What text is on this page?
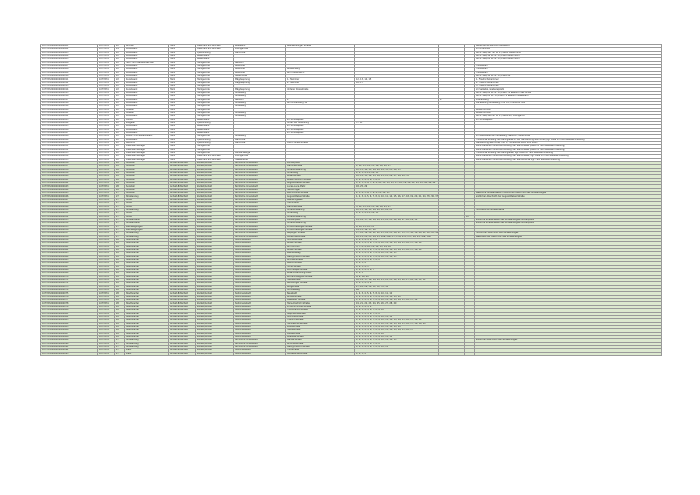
1073532000000000001	1073531	22	Brücke	Harz	Oberharz am Brocken	Rübeland	Blankenburger Straße				Leiterfläche Bahnhof Rübeland
1073532000000000002	1073531	24	Kunstwerk	Harz	Oberharz am Brocken	Elbingerode					im Ortsmitte
1073532000000000003	1073531	22	Kunstwerk	Harz	Quedlinburg	Gernrode					Alt R. 462/167 St. N. 17/1926 Ostermünd
1073532000000000004	1073531	22	Kunstwerk	Harz	Ballenstedt						Alt R. 462/16 St. N. 17/1926 Ostermünd
1073532000000000005	1073531	22	Kunstwerk	Harz	Ballenstedt						Alt R. 462/20 St. N. 17/1926 Ostermünd
1073532000000000006	1073531	22	Tech. und Gedenkzeichen	Harz	Harzgerode	Neudorf					
1073532000000000007	1073531	22	Kunstwerk	Harz	Harzgerode	Alberode					Flurstellen
1073532000000000008	1073531	22	Kunstwerk	Harz	Harzgerode	Alberode	Breitenberg				Flurstellen
1073532000000000009	1073531	22	Kunstwerk	Harz	Harzgerode	Alberode	Am Hüttenteich				Flurstellen
1073532000000000010	1073531	22	Kunstwerk	Harz	Harzgerode	Silberhütte					Alt R. 462/10 St. N. 17/1926-14
1073532000000000011	1073531	22	Kunstwerk	Harz	Harzgerode	Mägdesprung	1. Hammer	12, 13, 14, 15			1. Friedrichshammer
1073532000000000012	1073531	22	Kunstwerk	Harz	Harzgerode	Mägdesprung	2. Hammer	16, 17			2. Friedrichshammer
1073532000000000013	1073531	22	Kunstwerk	Harz	Harzgerode						3. Friedrichshammer
1073532000000000014	1073531	22	Kunstwerk	Harz	Harzgerode	Mägdesprung	Unterer Kreisstraße				im Selketal, Gießereiplatz
1073532000000000015	1073531	22	Kunstwerk	Harz	Harzgerode	Straßberg					Alt R. 462/20 St. N. 17/1926 TS westlich des Ortes
1073532000000000016	1073531	22	Kunstwerk	Harz	Harzgerode	Straßberg					Alt R. 462/20 St. 17/1926 TS westlich Glasebach
1073532000000000017	1073531	22	Kunstwerk	Harz	Harzgerode	Neudorf	4		4		Pfaffenberg
1073532000000000018	1073531	22	Kunstwerk	Harz	Harzgerode	Straßberg	Am Lindenberg 10				Verwaltung Straßberg, Flur 12, Flurstück 381
1073532000000000019	1073531	22	Kunstwerk	Harz	Harzgerode	Straßberg					
1073532000000000020	1073531	22	Graben	Harz	Harzgerode						Röderhochtal
1073532000000000021	1073531	22	Graben	Harz	Harzgerode	Straßberg					Röderhochtal
1073532000000000022	1073531	22	Kunstwerk	Harz	Harzgerode	Straßberg					Alt R. 462/106 St. N. 17/1926-01, Elbingerod
1073532000000000023	1073531	22	Mühle	Harz	Ballenstedt		Im Schlosspark				im Schlosspark
1073532000000000024	1073531	22	Ziegelei	Harz	Quedlinburg		Unter der Altenburg	5 - 11			
1073532000000000025	1073531	22	Kunstwerk	Harz	Ballenstedt		Im Schlosspark				
1073532000000000026	1073531	22	Kunstwerk	Harz	Ballenstedt		Im Schlosspark				
1073532000000000027	1073531	22	Kunstwerk	Harz	Ballenstedt		Im Schlosspark				
1073532000000000028	1073531	22	Kreuz- und Gedenkstein	Harz	Harzgerode	Straßberg					im Waldhauschen Straßberg, Neudorf, Alberhütte
1073532000000000029	1073531	22	Kunstwerk	Harz	Quedlinburg	Gernrode					Flurstücke entlang der Bahngleise in der Gemarkung Gernrode (vgl. Liste im Feld Baubeschreibung
1073532000000000030	1073531	22	Bahnhof	Harz	Quedlinburg	Gernrode	Otto-Franke-Straße				Gemarkung Gernrode, Flur 3, Flurstücke 2003 und 2063
1073532000000000031	1073531	22	Eisenbahnanlage	Harz	Harzgerode						verschiedene Flurstücke entlang der Bahntrasse (Liste im Feld Baubeschreibung)
1073532000000000032	1073531	22	Eisenbahnanlage	Harz	Harzgerode						verschiedene Flurstücke entlang der Bahntrasse (Liste im Feld Baubeschreibung)
1073532000000000033	1073531	22	Eisenbahnanlage	Harz	Harzgerode	Güntersberge					Flurstücke entlang der Bahngleise, vgl. Liste im Feld Baubeschreibung
1073532000000000034	1073531	22	Eisenbahnanlage	Harz	Oberharz am Brocken	Elbingerode					verschiedene Flurstücke entlang der Bahntrasse, vgl. Liste im Feld Baubeschreibung
1073532000000000035	1073531	22	Eisenbahnanlage	Harz	Oberharz am Brocken	Hasselfelde					verschiedene Flurstücke entlang der Bahnstrecke vgl. Feld Baubeschreibung
1073532000000000036	1073531	28	Sonstall	Anhalt-Bitterfeld	Zerbst/Anhalt	Nordliche Innenstadt	Lucherplatz				
1073532000000000037	1073531	28	Sonstall	Anhalt-Bitterfeld	Zerbst/Anhalt	Nordliche Innenstadt	Martinsstraße	1, 12, 13, 14, 15, 16, 18, 20, 27			
1073532000000000038	1073531	28	Sonstall	Anhalt-Bitterfeld	Zerbst/Anhalt	Nordliche Innenstadt	Unterstraßenring	12, 13, 14, 15, 19, 20, 24, 35, 25, 29, 35			
1073532000000000039	1073531	28	Sonstall	Anhalt-Bitterfeld	Zerbst/Anhalt	Nordliche Innenstadt	Unterberg	1, 2, 3, 4, 11, 12, 13			
1073532000000000040	1073531	28	Sonstall	Anhalt-Bitterfeld	Zerbst/Anhalt	Nordliche Innenstadt	Rosenstraße	10, 12, 13, 14, 15, 16, 21, 25, 26, 27, 28, 29, 33			
1073532000000000041	1073531	28	Sonstall	Anhalt-Bitterfeld	Zerbst/Anhalt	Nordliche Innenstadt	Robert-Rudloff-Straße	1, 2, 3, 4, 5, 6, 7, 8, 9			
1073532000000000042	1073531	28	Sonstall	Anhalt-Bitterfeld	Zerbst/Anhalt	Nordliche Innenstadt	August-Bebel-Straße	1, 2, 3, 4, 6, 7, 8, 9, 10, 11, 13, 15, 17, 18, 19, 20, 21, 43, 45, 46, 48, 49			
1073532000000000043	1073531	28	Sonstall	Anhalt-Bitterfeld	Zerbst/Anhalt	Nordliche Innenstadt	Lucas-Luca-Platz	18, 25, 29			
1073532000000000044	1073531	28	Sonstall	Anhalt-Bitterfeld	Zerbst/Anhalt	Nordliche Innenstadt	Fabrikhügel				
1073532000000000045	1073531	27	Sonstall	Anhalt-Bitterfeld	Zerbst/Anhalt	Nordliche Innenstadt	Karl-Lindner-Straße	2, 3, 4, 5, 6, 7, 8, 9, 11, 12, 13			westliche Straßenseite in südlichen Abschnitt des Straßenzuges
1073532000000000046	1073531	27	Straßenzug	Anhalt-Bitterfeld	Zerbst/Anhalt	Nordliche Innenstadt	August-Bebel-Straße	1, 2, 3, 4, 5, 6, 7, 8, 9, 10, 11, 14, 15, 16, 17, 18, 19, 20, 21, 24, 35, 36, 37			südlicher Abschnitt der August-Bebel-Straße
1073532000000000047	1073531	27	Sonst	Anhalt-Bitterfeld	Zerbst/Anhalt	Nordliche Innenstadt	Aasfischgasse				
1073532000000000048	1073531	27	Sonst	Anhalt-Bitterfeld	Zerbst/Anhalt	Nordliche Innenstadt	Fischmarkt				
1073532000000000049	1073531	27	Sonst	Anhalt-Bitterfeld	Zerbst/Anhalt	Nordliche Innenstadt	Martinsstraße	5, 12, 13, 14, 15, 16, 18, 25, 27			
1073532000000000050	1073531	27	Straßenzug	Anhalt-Bitterfeld	Zerbst/Anhalt	Nordliche Innenstadt	Unterstraßering	12, 13, 14, 15, 19, 20, 22, 24, 25			nordöstliche Straßenseite
1073532000000000051	1073531	27	Sonst	Anhalt-Bitterfeld	Zerbst/Anhalt	Nordliche Innenstadt	Unterberg	1, 2, 3, 4, 11, 12, 13			
1073532000000000052	1073531	27	Sonst	Anhalt-Bitterfeld	Zerbst/Anhalt	Nordliche Innenstadt	Unterstraßenring			12	
1073532000000000053	1073531	27	Straßenzeile	Anhalt-Bitterfeld	Zerbst/Anhalt	Nordliche Innenstadt	Mühlenplatz	14, 16, 17, 18, 19, 20, 21, 22, 23, 24, 26, 27, 28, 29, 30			südliche Straßenseite des Straßenzuges Mühlenplatz
1073532000000000054	1073531	27	Straßenzeile	Anhalt-Bitterfeld	Zerbst/Anhalt	Nordliche Innenstadt	Unterstraßenring				südliche Straßenseite des Straßenzuges Mühlenplatz
1073532000000000055	1073531	27	Kleinsiegungen	Anhalt-Bitterfeld	Zerbst/Anhalt	Nordliche Innenstadt	Ernst-Kreisinger-Straße	9, 10, 11, 12, 13			
1073532000000000056	1073531	27	Kleinsiegungen	Anhalt-Bitterfeld	Zerbst/Anhalt	Nordliche Innenstadt	Ernst-Kreisinger-Straße	14, 15, 16, 17, 18			
1073532000000000057	1073531	27	Straßenzug	Anhalt-Bitterfeld	Zerbst/Anhalt	Nordliche Innenstadt	Leipziger Straße	17, 18, 19, 20, 21, 22, 23, 24, 25, 26, 27, 35, 37, 38, 39, 40, 41, 42, 43, 44, 45, 46			nördlicher Abschnitt des Straßenzuges
1073532000000000058	1073531	27	Straßenzug	Anhalt-Bitterfeld	Zerbst/Anhalt	Nordliche Innenstadt	Große Gerstraße	20, 21, 22, 23, 24, 25, 26a, 26b, 27, 27a, 27b, 27c, 28, 29, 30a, 30b			westöstlicher Abschnitt des Straßenzuges
1073532000000000059	1073531	28	Stadtviertel	Anhalt-Bitterfeld	Zerbst/Anhalt	Südinnenstadt	Sonnenstraße	1, 2, 3, 4, 5, 6, 7, 8			
1073532000000000060	1073531	28	Stadtviertel	Anhalt-Bitterfeld	Zerbst/Anhalt	Südinnenstadt	Breite Straße	1, 2, 3, 4, 5, 6, 7, 8, 9, 10, 11, 12, 13, 14, 15, 16, 17, 18, 19			
1073532000000000061	1073531	28	Stadtviertel	Anhalt-Bitterfeld	Zerbst/Anhalt	Südinnenstadt	Am Kirchtor	5, 7, 8, 9, 10, 11, 12, 13, 14, 16			
1073532000000000062	1073531	28	Stadtviertel	Anhalt-Bitterfeld	Zerbst/Anhalt	Südinnenstadt	Breite Straße	1, 2, 3, 4, 5, 6, 7, 8, 9, 10, 11, 12, 13, 14, 15, 16, 17, 18, 19			
1073532000000000063	1073531	28	Stadtviertel	Anhalt-Bitterfeld	Zerbst/Anhalt	Südinnenstadt	Rathausweg	1, 2, 3, 4, 5, 6, 7, 8, 9, 10, 11, 12, 13			
1073532000000000064	1073531	28	Stadtviertel	Anhalt-Bitterfeld	Zerbst/Anhalt	Südinnenstadt	Georg-Cantor-Straße	1, 2, 3, 4, 5, 6, 7, 8, 9, 10, 11, 12, 13			
1073532000000000065	1073531	28	Stadtviertel	Anhalt-Bitterfeld	Zerbst/Anhalt	Südinnenstadt	Brückenstraße	1, 2, 3, 4, 5, 6, 7, 8, 9			
1073532000000000066	1073531	28	Stadtviertel	Anhalt-Bitterfeld	Zerbst/Anhalt	Südinnenstadt	Bauhofstraße	1, 2, 3, 4			
1073532000000000067	1073531	28	Stadtviertel	Anhalt-Bitterfeld	Zerbst/Anhalt	Südinnenstadt	Hohe Straße	1, 2, 3, 4, 5			
1073532000000000068	1073531	28	Stadtviertel	Anhalt-Bitterfeld	Zerbst/Anhalt	Südinnenstadt	Kurt-Stapel-Straße	1, 2, 3, 4, 5, 6, 7			
1073532000000000069	1073531	28	Stadtviertel	Anhalt-Bitterfeld	Zerbst/Anhalt	Südinnenstadt	Rosa-Luxemburg-Platz	1, 2, 3			
1073532000000000070	1073531	28	Stadtviertel	Anhalt-Bitterfeld	Zerbst/Anhalt	Südinnenstadt	Richard-Wagner-Straße	8, 9, 10, 44			
1073532000000000071	1073531	28	Stadtviertel	Anhalt-Bitterfeld	Zerbst/Anhalt	Südinnenstadt	Heidestraße	16, 14, 17, 18, 19, 20, 21, 22, 23, 24, 25, 26, 27, 28, 29, 31, 32			
1073532000000000072	1073531	28	Stadtviertel	Anhalt-Bitterfeld	Zerbst/Anhalt	Südinnenstadt	Bernburger Straße	1, 2, 3, 4, 5, 6			
1073532000000000073	1073531	28	Stadtviertel	Anhalt-Bitterfeld	Zerbst/Anhalt	Südinnenstadt	Burgstraße	27, 28, 29, 30, 31, 32, 33, 34			
1073532000000000074	1073531	28	Stadtviertel	Anhalt-Bitterfeld	Zerbst/Anhalt	Südinnenstadt	Schlossweg	4a			
1073532000000000075	1073531	28	Stadtviertel	Anhalt-Bitterfeld	Zerbst/Anhalt	Südinnenstadt	Neustadt	1, 2, 3, 4, 5, 6, 7, 8, 9, 10, 11, 12			
1073532000000000076	1073531	28	Stadtviertel	Anhalt-Bitterfeld	Zerbst/Anhalt	Südinnenstadt	Brüderstraße	1, 2, 3, 4, 5, 6, 7, 8, 9, 10, 11, 12, 13, 14			
1073532000000000077	1073531	28	Stadtviertel	Anhalt-Bitterfeld	Zerbst/Anhalt	Südinnenstadt	Dessauer Straße	1, 2, 3, 4, 5, 6, 7, 8, 9, 10, 11, 12, 13, 14, 15, 16, 17, 18			
1073532000000000078	1073531	28	Stadtviertel	Anhalt-Bitterfeld	Zerbst/Anhalt	Südinnenstadt	Hans-Dietrich-Straße	19, 21, 22, 23, 24, 25, 26, 27, 28, 29			
1073532000000000079	1073531	28	Stadtviertel	Anhalt-Bitterfeld	Zerbst/Anhalt	Südinnenstadt	Ernst-Schröder-Straße	1, 2, 3, 4, 5, 6			
1073532000000000080	1073531	28	Stadtviertel	Anhalt-Bitterfeld	Zerbst/Anhalt	Südinnenstadt	Fritz-Brandt-Straße	1, 2, 3, 4, 5, 6, 7, 8, 9, 10			
1073532000000000081	1073531	28	Stadtviertel	Anhalt-Bitterfeld	Zerbst/Anhalt	Südinnenstadt	Stephanusstraße	1, 2, 3, 4, 5, 6, 7, 8, 9			
1073532000000000082	1073531	28	Stadtviertel	Anhalt-Bitterfeld	Zerbst/Anhalt	Südinnenstadt	Sommerstraße	1, 2, 3, 4, 5, 6, 7, 8, 9, 10, 11, 12			
1073532000000000083	1073531	28	Stadtviertel	Anhalt-Bitterfeld	Zerbst/Anhalt	Südinnenstadt	Friedrichstraße	1, 2, 3, 4, 5, 6, 7, 8, 9, 10, 11, 12, 13, 14, 15, 16, 17, 18, 19			
1073532000000000084	1073531	28	Stadtviertel	Anhalt-Bitterfeld	Zerbst/Anhalt	Südinnenstadt	Hennestrainstraße	1, 2, 3, 4, 5, 6, 7, 8, 9, 10, 11, 12, 13, 14, 15, 16, 17, 18, 19, 20			
1073532000000000085	1073531	28	Stadtviertel	Anhalt-Bitterfeld	Zerbst/Anhalt	Südinnenstadt	Kreuzstraße	1, 2, 3, 4, 5, 6, 7, 8, 9, 10, 11, 12, 13, 14			
1073532000000000086	1073531	28	Stadtviertel	Anhalt-Bitterfeld	Zerbst/Anhalt	Südinnenstadt	Heidestraße	1, 2, 3, 4, 5, 6, 7, 8, 9, 10, 11, 12, 13, 14, 15, 16, 17			
1073532000000000087	1073531	28	Stadtviertel	Anhalt-Bitterfeld	Zerbst/Anhalt	Südinnenstadt	Mittelstraße	1, 2, 3, 4, 5, 6, 7, 8, 9, 10			
1073532000000000088	1073531	28	Stadtviertel	Anhalt-Bitterfeld	Zerbst/Anhalt	Südinnenstadt	Adelsberstraße	1, 2, 3, 4, 5, 6, 7, 8, 9, 10, 11, 12			
1073532000000000089	1073531	27	Straßenzug	Anhalt-Bitterfeld	Zerbst/Anhalt	Nordliche Innenstadt	Gerberstraße	1, 2, 3, 4, 5, 6, 7, 8, 9, 10, 11, 12, 13			südlicher Abschnitt des Straßenzuges
1073532000000000090	1073531	27	Straßenzug	Anhalt-Bitterfeld	Zerbst/Anhalt	Nordliche Innenstadt	Brunnenstraße	1, 2, 3, 4, 5, 6, 7, 8, 9			
1073532000000000091	1073531	27	Straßenzug	Anhalt-Bitterfeld	Zerbst/Anhalt	Nordliche Innenstadt	Georg-Cantor-Straße	1, 2, 3, 4, 5, 6, 7, 8, 9, 10, 11			
1073532000000000092	1073531	27	Platz	Anhalt-Bitterfeld	Zerbst/Anhalt	Südinnenstadt	Trifttstraße				
1073532000000000093	1073531	27	Platz	Anhalt-Bitterfeld	Zerbst/Anhalt	Südinnenstadt	Gottesackerstraße	1, 2, 3, 4			
